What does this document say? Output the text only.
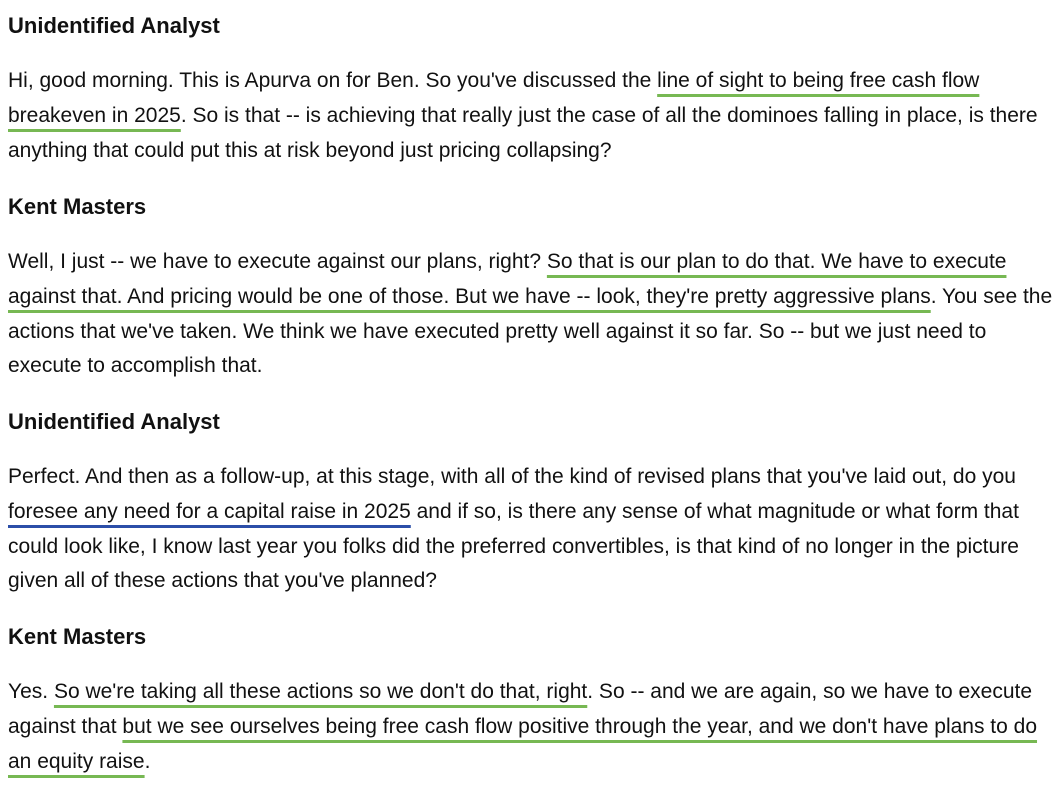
Unidentified Analyst
Hi, good morning. This is Apurva on for Ben. So you've discussed the line of sight to being free cash flow breakeven in 2025. So is that -- is achieving that really just the case of all the dominoes falling in place, is there anything that could put this at risk beyond just pricing collapsing?
Kent Masters
Well, I just -- we have to execute against our plans, right? So that is our plan to do that. We have to execute against that. And pricing would be one of those. But we have -- look, they're pretty aggressive plans. You see the actions that we've taken. We think we have executed pretty well against it so far. So -- but we just need to execute to accomplish that.
Unidentified Analyst
Perfect. And then as a follow-up, at this stage, with all of the kind of revised plans that you've laid out, do you foresee any need for a capital raise in 2025 and if so, is there any sense of what magnitude or what form that could look like, I know last year you folks did the preferred convertibles, is that kind of no longer in the picture given all of these actions that you've planned?
Kent Masters
Yes. So we're taking all these actions so we don't do that, right. So -- and we are again, so we have to execute against that but we see ourselves being free cash flow positive through the year, and we don't have plans to do an equity raise.
